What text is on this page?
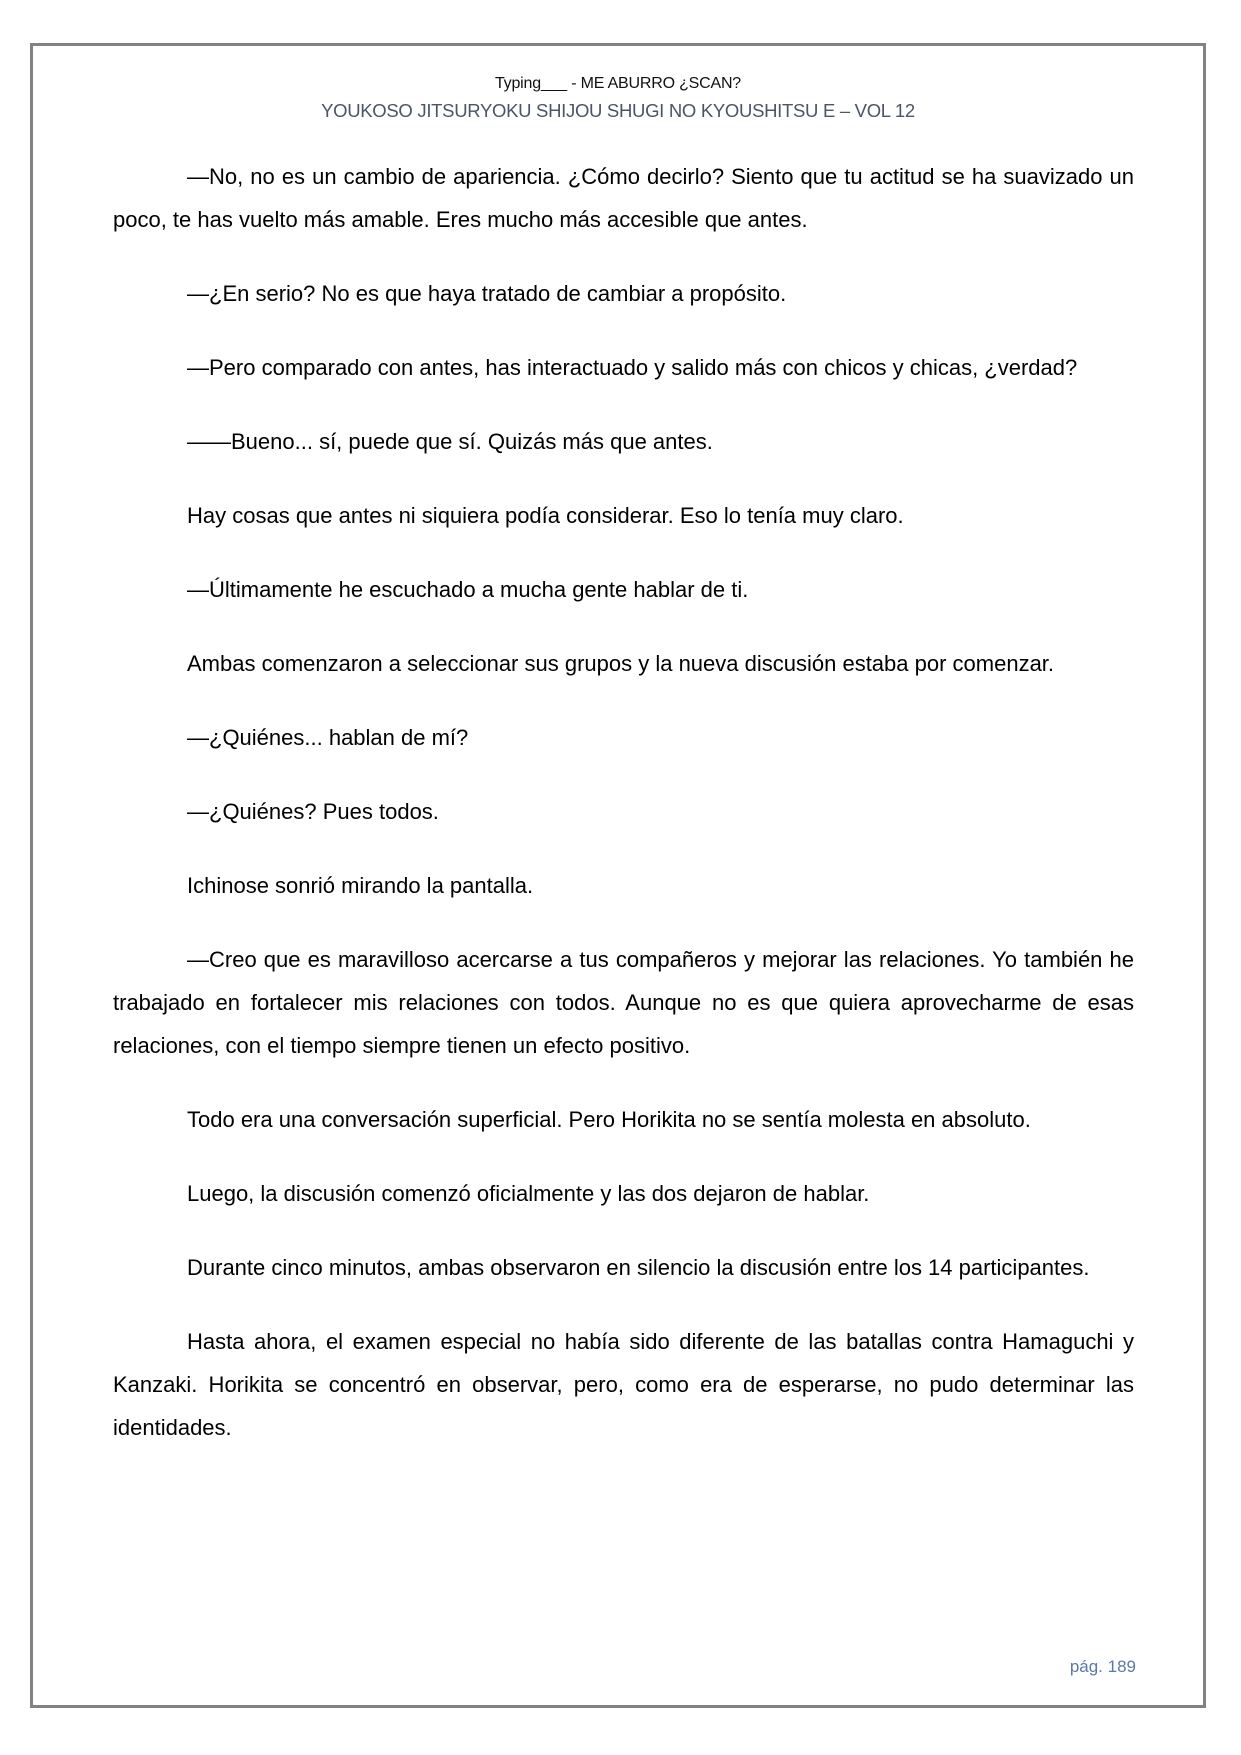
Typing___ - ME ABURRO ¿SCAN?
YOUKOSO JITSURYOKU SHIJOU SHUGI NO KYOUSHITSU E – VOL 12

—No, no es un cambio de apariencia. ¿Cómo decirlo? Siento que tu actitud se ha suavizado un poco, te has vuelto más amable. Eres mucho más accesible que antes.

—¿En serio? No es que haya tratado de cambiar a propósito.

—Pero comparado con antes, has interactuado y salido más con chicos y chicas, ¿verdad?

——Bueno... sí, puede que sí. Quizás más que antes.

Hay cosas que antes ni siquiera podía considerar. Eso lo tenía muy claro.

—Últimamente he escuchado a mucha gente hablar de ti.

Ambas comenzaron a seleccionar sus grupos y la nueva discusión estaba por comenzar.

—¿Quiénes... hablan de mí?

—¿Quiénes? Pues todos.

Ichinose sonrió mirando la pantalla.

—Creo que es maravilloso acercarse a tus compañeros y mejorar las relaciones. Yo también he trabajado en fortalecer mis relaciones con todos. Aunque no es que quiera aprovecharme de esas relaciones, con el tiempo siempre tienen un efecto positivo.

Todo era una conversación superficial. Pero Horikita no se sentía molesta en absoluto.

Luego, la discusión comenzó oficialmente y las dos dejaron de hablar.

Durante cinco minutos, ambas observaron en silencio la discusión entre los 14 participantes.

Hasta ahora, el examen especial no había sido diferente de las batallas contra Hamaguchi y Kanzaki. Horikita se concentró en observar, pero, como era de esperarse, no pudo determinar las identidades.

pág. 189
